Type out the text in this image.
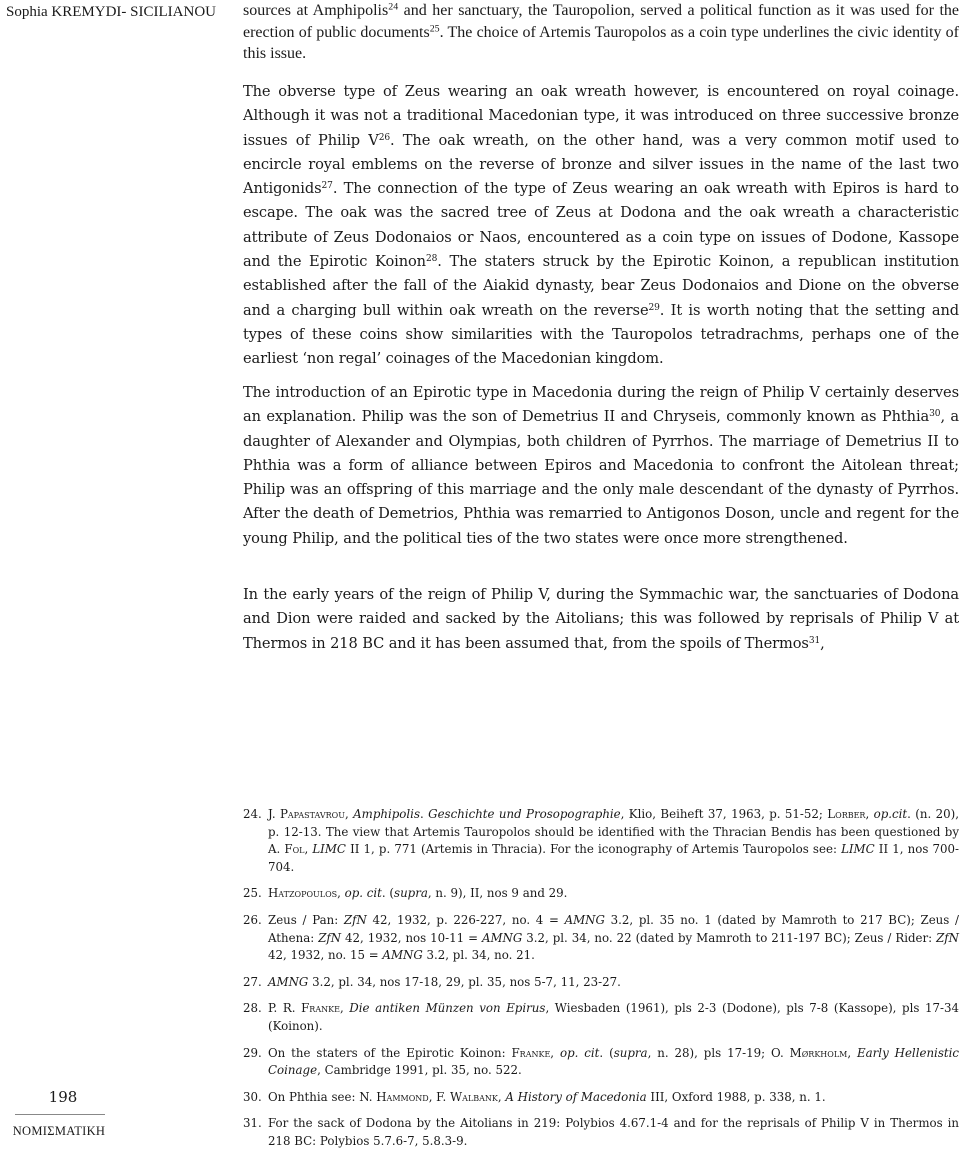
Sophia KREMYDI- SICILIANOU	sources at Amphipolis$^{24}$ and her sanctuary, the Tauropolion, served a political function as it was used for the erection of public documents$^{25}$. The choice of Artemis Tauropolos as a coin type underlines the civic identity of this issue.

The obverse type of Zeus wearing an oak wreath however, is encountered on royal coinage. Although it was not a traditional Macedonian type, it was introduced on three successive bronze issues of Philip $V^{26}$. The oak wreath, on the other hand, was a very common motif used to encircle royal emblems on the reverse of bronze and silver issues in the name of the last two Antigonids$^{27}$. The connection of the type of Zeus wearing an oak wreath with Epiros is hard to escape. The oak was the sacred tree of Zeus at Dodona and the oak wreath a characteristic attribute of Zeus Dodonaios or Naos, encountered as a coin type on issues of Dodone, Kassope and the Epirotic Koinon$^{28}$. The staters struck by the Epirotic Koinon, a republican institution established after the fall of the Aiakid dynasty, bear Zeus Dodonaios and Dione on the obverse and a charging bull within oak wreath on the reverse$^{29}$. It is worth noting that the setting and types of these coins show similarities with the Tauropolos tetradrachms, perhaps one of the earliest ‘non regal’ coinages of the Macedonian kingdom.

The introduction of an Epirotic type in Macedonia during the reign of Philip V certainly deserves an explanation. Philip was the son of Demetrius II and Chryseis, commonly known as Phthia$^{30}$, a daughter of Alexander and Olympias, both children of Pyrrhos. The marriage of Demetrius II to Phthia was a form of alliance between Epiros and Macedonia to confront the Aitolean threat; Philip was an offspring of this marriage and the only male descendant of the dynasty of Pyrrhos. After the death of Demetrios, Phthia was remarried to Antigonos Doson, uncle and regent for the young Philip, and the political ties of the two states were once more strengthened.

In the early years of the reign of Philip V, during the Symmachic war, the sanctuaries of Dodona and Dion were raided and sacked by the Aitolians; this was followed by reprisals of Philip V at Thermos in 218 BC and it has been assumed that, from the spoils of Thermos$^{31}$,

24. J. Papastavrou, Amphipolis. Geschichte und Prosopographie, Klio, Beiheft 37, 1963, p. 51-52; Lorber, op.cit. (n. 20), p. 12-13. The view that Artemis Tauropolos should be identified with the Thracian Bendis has been questioned by A. Fol, LIMC II 1, p. 771 (Artemis in Thracia). For the iconography of Artemis Tauropolos see: LIMC II 1, nos 700-704.
25. Hatzopoulos, op. cit. (supra, n. 9), II, nos 9 and 29.
26. Zeus / Pan: ZfN 42, 1932, p. 226-227, no. 4 = AMNG 3.2, pl. 35 no. 1 (dated by Mamroth to 217 BC); Zeus / Athena: ZfN 42, 1932, nos 10-11 = AMNG 3.2, pl. 34, no. 22 (dated by Mamroth to 211-197 BC); Zeus / Rider: ZfN 42, 1932, no. 15 = AMNG 3.2, pl. 34, no. 21.
27. AMNG 3.2, pl. 34, nos 17-18, 29, pl. 35, nos 5-7, 11, 23-27.
28. P. R. Franke, Die antiken Münzen von Epirus, Wiesbaden (1961), pls 2-3 (Dodone), pls 7-8 (Kassope), pls 17-34 (Koinon).
29. On the staters of the Epirotic Koinon: Franke, op. cit. (supra, n. 28), pls 17-19; O. Mørkholm, Early Hellenistic Coinage, Cambridge 1991, pl. 35, no. 522.
30. On Phthia see: N. Hammond, F. Walbank, A History of Macedonia III, Oxford 1988, p. 338, n. 1.
31. For the sack of Dodona by the Aitolians in 219: Polybios 4.67.1-4 and for the reprisals of Philip V in Thermos in 218 BC: Polybios 5.7.6-7, 5.8.3-9.
198
ΝΟΜΙΣΜΑΤΙΚΗ
